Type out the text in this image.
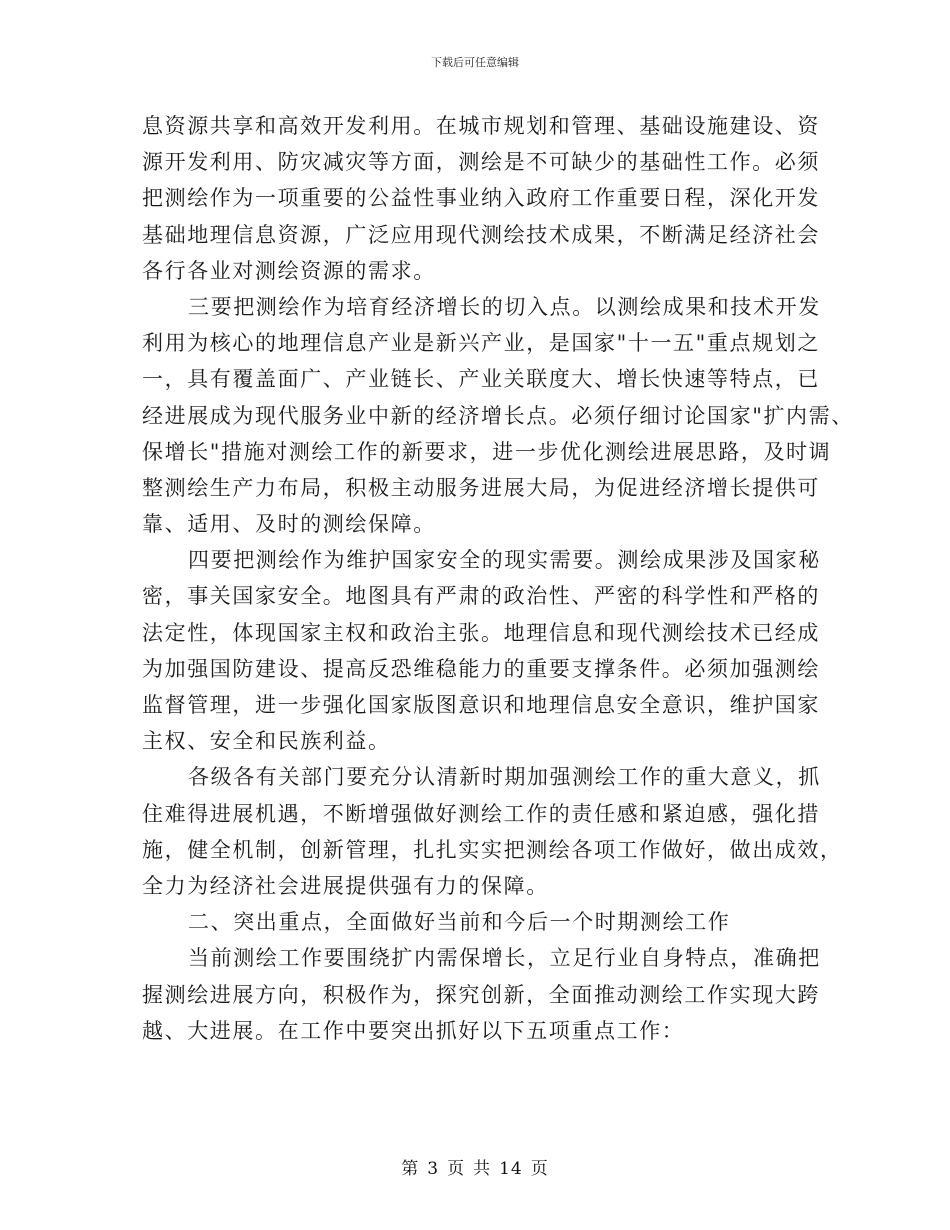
下载后可任意编辑
息资源共享和高效开发利用。在城市规划和管理、基础设施建设、资
源开发利用、防灾减灾等方面，测绘是不可缺少的基础性工作。必须
把测绘作为一项重要的公益性事业纳入政府工作重要日程，深化开发
基础地理信息资源，广泛应用现代测绘技术成果，不断满足经济社会
各行各业对测绘资源的需求。
三要把测绘作为培育经济增长的切入点。以测绘成果和技术开发
利用为核心的地理信息产业是新兴产业，是国家"十一五"重点规划之
一，具有覆盖面广、产业链长、产业关联度大、增长快速等特点，已
经进展成为现代服务业中新的经济增长点。必须仔细讨论国家"扩内需、
保增长"措施对测绘工作的新要求，进一步优化测绘进展思路，及时调
整测绘生产力布局，积极主动服务进展大局，为促进经济增长提供可
靠、适用、及时的测绘保障。
四要把测绘作为维护国家安全的现实需要。测绘成果涉及国家秘
密，事关国家安全。地图具有严肃的政治性、严密的科学性和严格的
法定性，体现国家主权和政治主张。地理信息和现代测绘技术已经成
为加强国防建设、提高反恐维稳能力的重要支撑条件。必须加强测绘
监督管理，进一步强化国家版图意识和地理信息安全意识，维护国家
主权、安全和民族利益。
各级各有关部门要充分认清新时期加强测绘工作的重大意义，抓
住难得进展机遇，不断增强做好测绘工作的责任感和紧迫感，强化措
施，健全机制，创新管理，扎扎实实把测绘各项工作做好，做出成效，
全力为经济社会进展提供强有力的保障。
二、突出重点，全面做好当前和今后一个时期测绘工作
当前测绘工作要围绕扩内需保增长，立足行业自身特点，准确把
握测绘进展方向，积极作为，探究创新，全面推动测绘工作实现大跨
越、大进展。在工作中要突出抓好以下五项重点工作：
第 3 页 共 14 页
